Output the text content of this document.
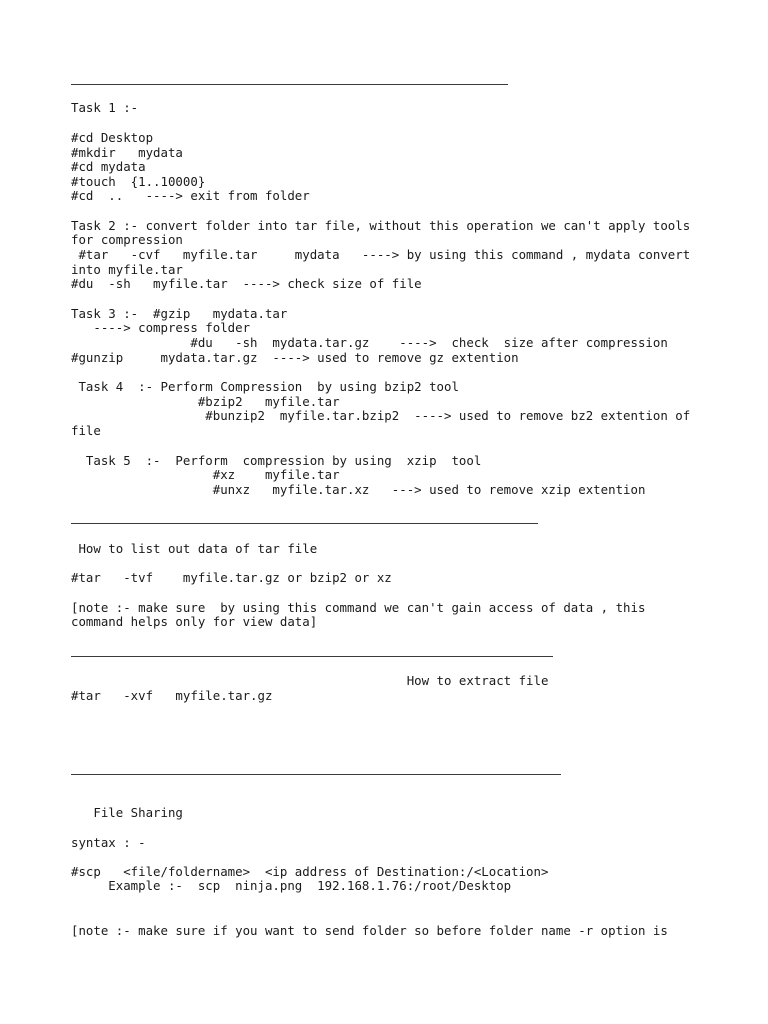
Task 1 :-
#cd Desktop
#mkdir   mydata
#cd mydata
#touch  {1..10000}
#cd  ..   ----> exit from folder
Task 2 :- convert folder into tar file, without this operation we can't apply tools
for compression
#tar   -cvf   myfile.tar     mydata   ----> by using this command , mydata convert
into myfile.tar
#du  -sh   myfile.tar  ----> check size of file
Task 3 :-  #gzip   mydata.tar
----> compress folder
#du   -sh  mydata.tar.gz    ---->  check  size after compression
#gunzip     mydata.tar.gz  ----> used to remove gz extention
Task 4  :- Perform Compression  by using bzip2 tool
#bzip2   myfile.tar
#bunzip2  myfile.tar.bzip2  ----> used to remove bz2 extention of
file
Task 5  :-  Perform  compression by using  xzip  tool
#xz    myfile.tar
#unxz   myfile.tar.xz   ---> used to remove xzip extention
How to list out data of tar file
#tar   -tvf    myfile.tar.gz or bzip2 or xz
[note :- make sure  by using this command we can't gain access of data , this
command helps only for view data]
How to extract file
#tar   -xvf   myfile.tar.gz
File Sharing
syntax : -
#scp   <file/foldername>  <ip address of Destination:/<Location>
Example :-  scp  ninja.png  192.168.1.76:/root/Desktop
[note :- make sure if you want to send folder so before folder name -r option is
